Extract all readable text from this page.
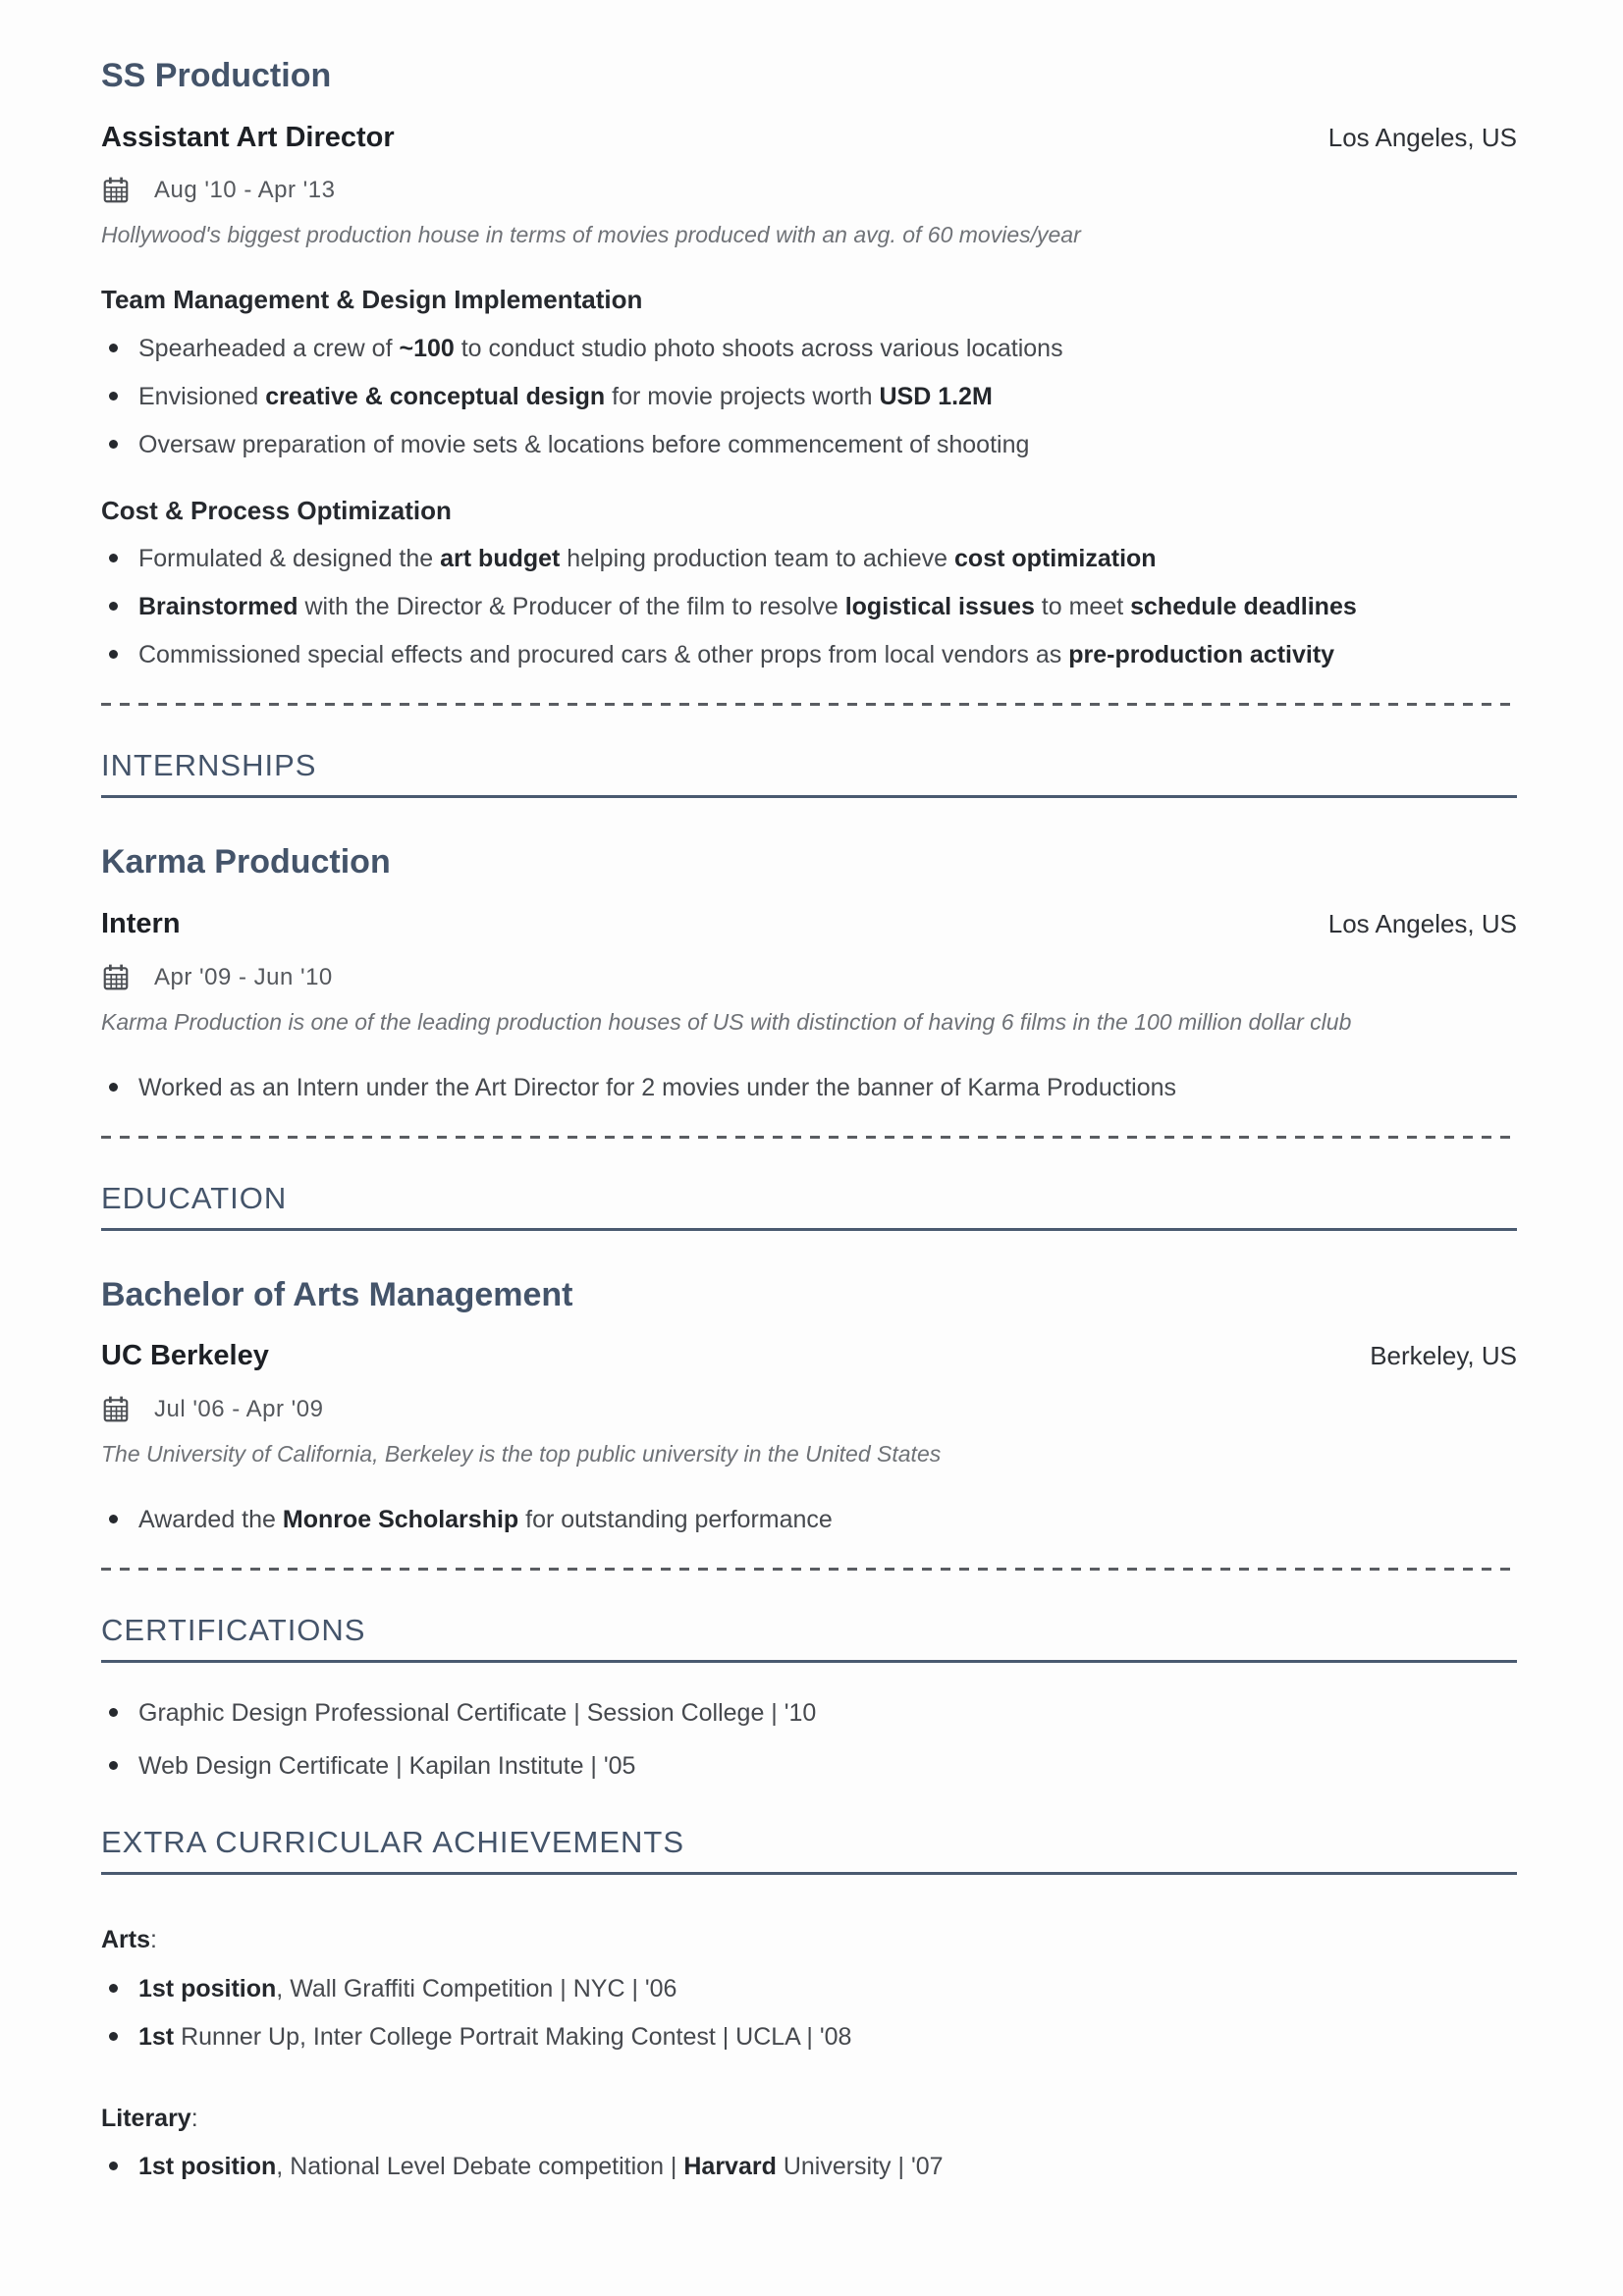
SS Production
Assistant Art Director	Los Angeles, US
Aug '10 - Apr '13

Hollywood's biggest production house in terms of movies produced with an avg. of 60 movies/year

Team Management & Design Implementation
Spearheaded a crew of ~100 to conduct studio photo shoots across various locations
Envisioned creative & conceptual design for movie projects worth USD 1.2M
Oversaw preparation of movie sets & locations before commencement of shooting
Cost & Process Optimization
Formulated & designed the art budget helping production team to achieve cost optimization
Brainstormed with the Director & Producer of the film to resolve logistical issues to meet schedule deadlines
Commissioned special effects and procured cars & other props from local vendors as pre-production activity
INTERNSHIPS
Karma Production
Intern	Los Angeles, US
Apr '09 - Jun '10

Karma Production is one of the leading production houses of US with distinction of having 6 films in the 100 million dollar club

Worked as an Intern under the Art Director for 2 movies under the banner of Karma Productions
EDUCATION
Bachelor of Arts Management
UC Berkeley	Berkeley, US
Jul '06 - Apr '09

The University of California, Berkeley is the top public university in the United States

Awarded the Monroe Scholarship for outstanding performance
CERTIFICATIONS
Graphic Design Professional Certificate | Session College | '10
Web Design Certificate | Kapilan Institute | '05
EXTRA CURRICULAR ACHIEVEMENTS
Arts:
1st position, Wall Graffiti Competition | NYC | '06
1st Runner Up, Inter College Portrait Making Contest | UCLA | '08
Literary:
1st position, National Level Debate competition | Harvard University | '07
